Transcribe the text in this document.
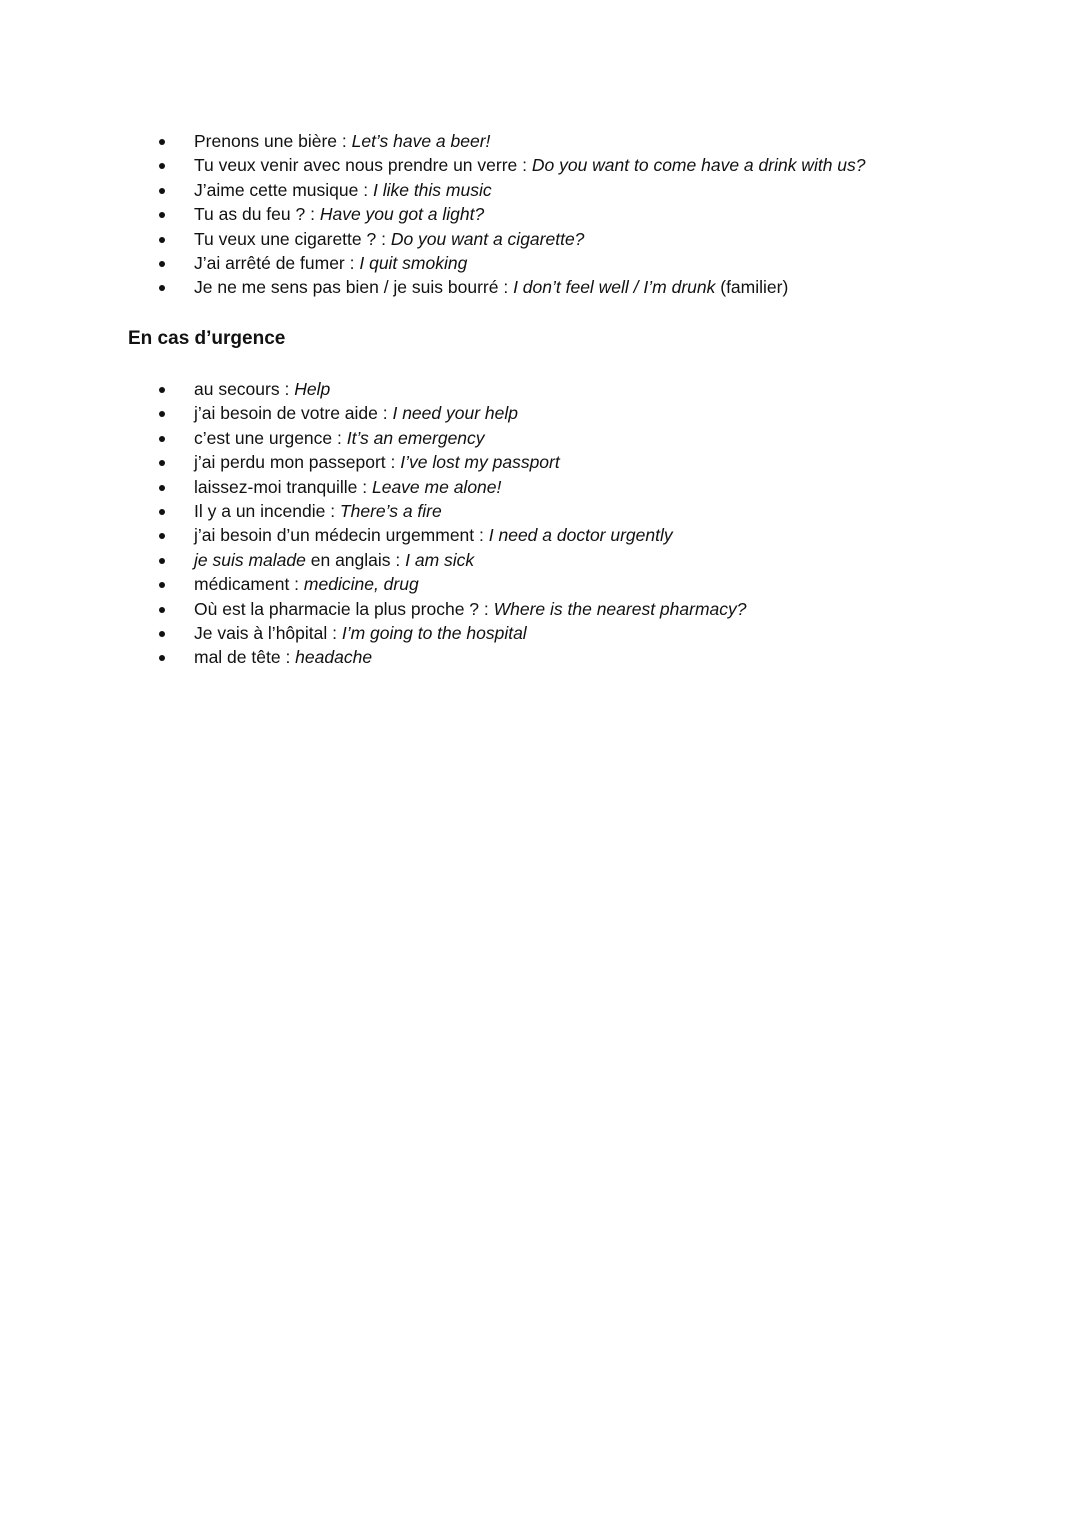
Prenons une bière : Let’s have a beer!
Tu veux venir avec nous prendre un verre : Do you want to come have a drink with us?
J’aime cette musique : I like this music
Tu as du feu ? : Have you got a light?
Tu veux une cigarette ? : Do you want a cigarette?
J’ai arrêté de fumer : I quit smoking
Je ne me sens pas bien / je suis bourré : I don’t feel well / I’m drunk (familier)
En cas d’urgence
au secours : Help
j’ai besoin de votre aide : I need your help
c’est une urgence : It’s an emergency
j’ai perdu mon passeport : I’ve lost my passport
laissez-moi tranquille : Leave me alone!
Il y a un incendie : There’s a fire
j’ai besoin d’un médecin urgemment : I need a doctor urgently
je suis malade en anglais : I am sick
médicament : medicine, drug
Où est la pharmacie la plus proche ? : Where is the nearest pharmacy?
Je vais à l’hôpital : I’m going to the hospital
mal de tête : headache
